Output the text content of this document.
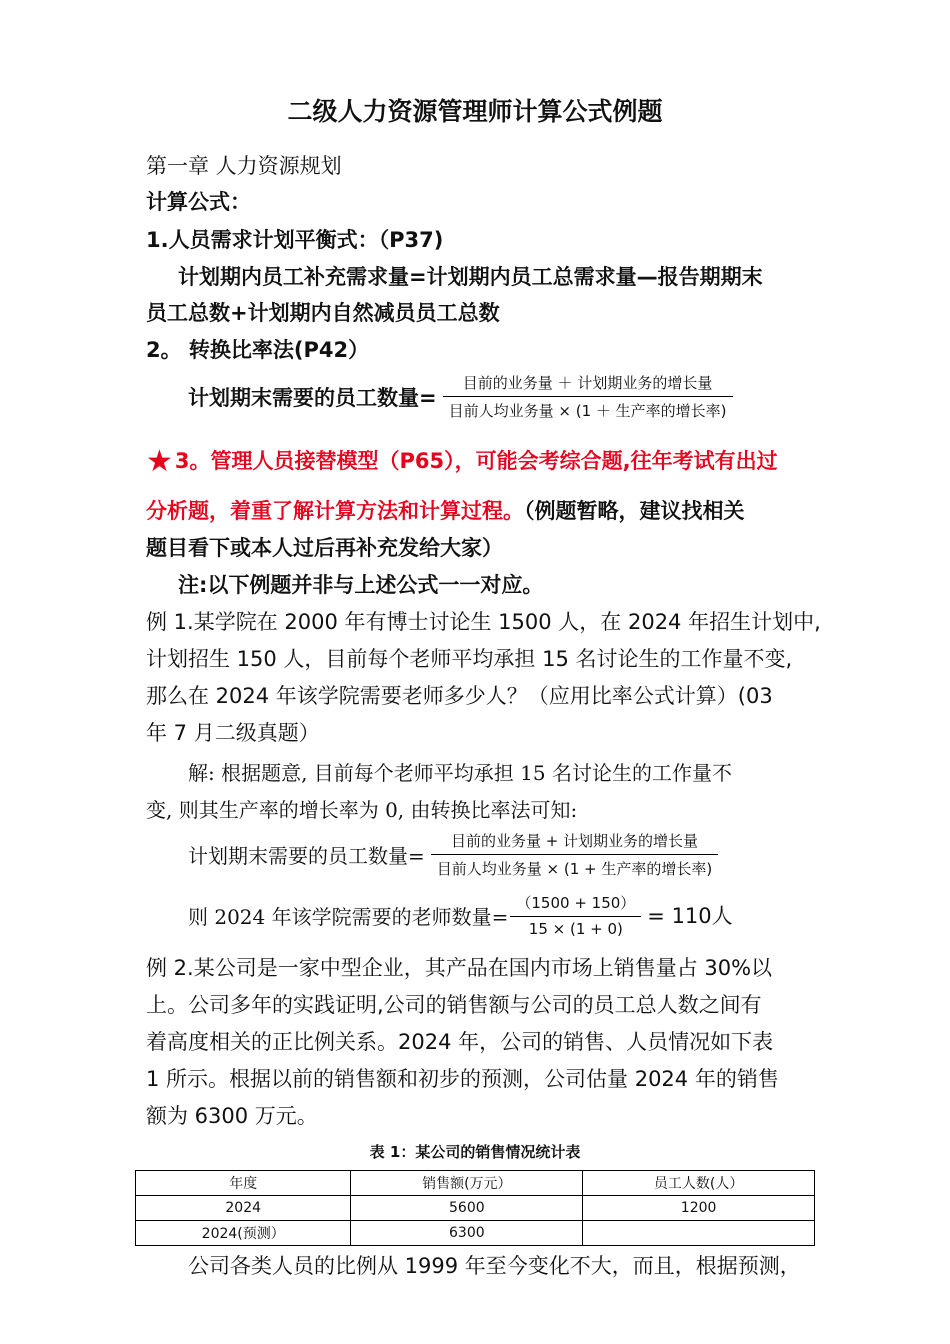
二级人力资源管理师计算公式例题
第一章 人力资源规划
计算公式：
1.人员需求计划平衡式：（P37)
计划期内员工补充需求量=计划期内员工总需求量—报告期期末
员工总数+计划期内自然减员员工总数
2。 转换比率法(P42）
计划期末需要的员工数量= $\frac{\text{目前的业务量 ＋ 计划期业务的增长量}}{\text{目前人均业务量 × (1 ＋ 生产率的增长率)}}$
★3。管理人员接替模型（P65），可能会考综合题,往年考试有出过
分析题，着重了解计算方法和计算过程。（例题暂略，建议找相关
题目看下或本人过后再补充发给大家）
注:以下例题并非与上述公式一一对应。
例 1.某学院在 2000 年有博士讨论生 1500 人，在 2024 年招生计划中,
计划招生 150 人，目前每个老师平均承担 15 名讨论生的工作量不变,
那么在 2024 年该学院需要老师多少人？（应用比率公式计算）(03
年 7 月二级真题）
解: 根据题意, 目前每个老师平均承担 15 名讨论生的工作量不
变, 则其生产率的增长率为 0, 由转换比率法可知:
计划期末需要的员工数量= $\frac{\text{目前的业务量 + 计划期业务的增长量}}{\text{目前人均业务量 × (1 + 生产率的增长率)}}$
则 2024 年该学院需要的老师数量= $\frac{(1500 + 150)}{15 \times (1 + 0)} = 110$人
例 2.某公司是一家中型企业，其产品在国内市场上销售量占 30%以
上。公司多年的实践证明,公司的销售额与公司的员工总人数之间有
着高度相关的正比例关系。2024 年，公司的销售、人员情况如下表
1 所示。根据以前的销售额和初步的预测，公司估量 2024 年的销售
额为 6300 万元。
表 1：某公司的销售情况统计表
年度	销售额(万元）	员工人数(人）
2024	5600	1200
2024(预测）	6300	
公司各类人员的比例从 1999 年至今变化不大，而且，根据预测，
